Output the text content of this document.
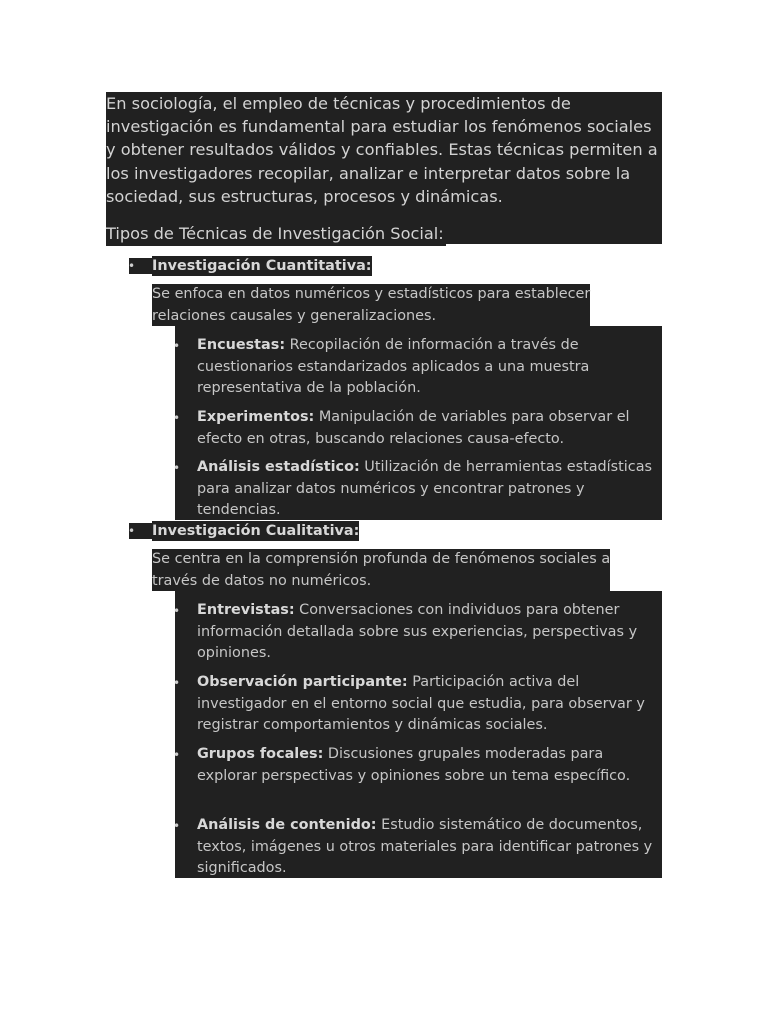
En sociología, el empleo de técnicas y procedimientos de investigación es fundamental para estudiar los fenómenos sociales y obtener resultados válidos y confiables. Estas técnicas permiten a los investigadores recopilar, analizar e interpretar datos sobre la sociedad, sus estructuras, procesos y dinámicas.
Tipos de Técnicas de Investigación Social:
• Investigación Cuantitativa:
Se enfoca en datos numéricos y estadísticos para establecer
relaciones causales y generalizaciones.
• Encuestas: Recopilación de información a través de cuestionarios estandarizados aplicados a una muestra representativa de la población.
• Experimentos: Manipulación de variables para observar el efecto en otras, buscando relaciones causa-efecto.
• Análisis estadístico: Utilización de herramientas estadísticas para analizar datos numéricos y encontrar patrones y tendencias.
• Investigación Cualitativa:
Se centra en la comprensión profunda de fenómenos sociales a
través de datos no numéricos.
• Entrevistas: Conversaciones con individuos para obtener información detallada sobre sus experiencias, perspectivas y opiniones.
• Observación participante: Participación activa del investigador en el entorno social que estudia, para observar y registrar comportamientos y dinámicas sociales.
• Grupos focales: Discusiones grupales moderadas para explorar perspectivas y opiniones sobre un tema específico.
• Análisis de contenido: Estudio sistemático de documentos, textos, imágenes u otros materiales para identificar patrones y significados.
